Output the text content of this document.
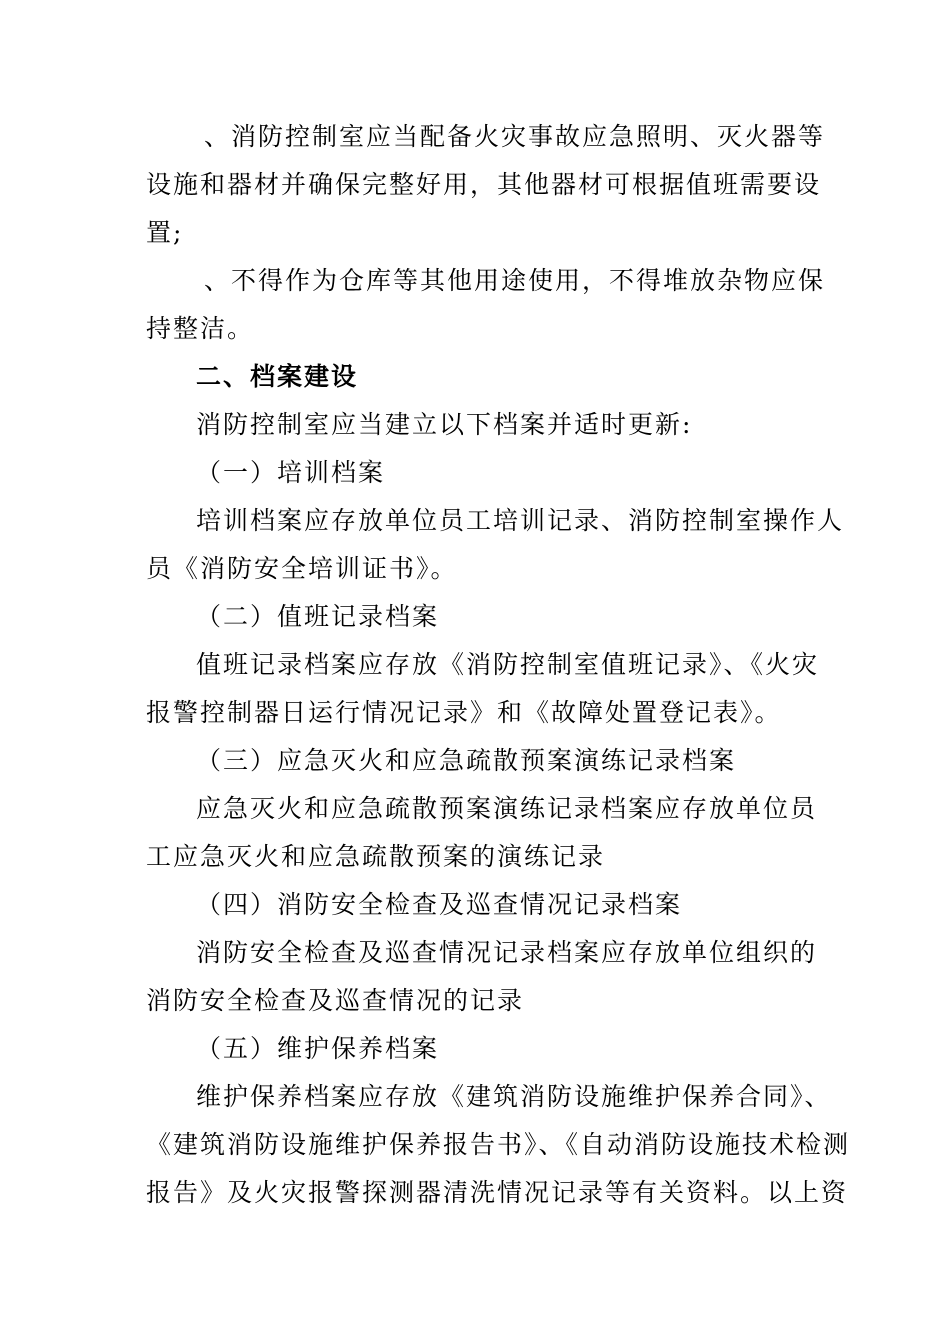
、消防控制室应当配备火灾事故应急照明、灭火器等
设施和器材并确保完整好用，其他器材可根据值班需要设
置;
、不得作为仓库等其他用途使用，不得堆放杂物应保
持整洁。
二、档案建设
消防控制室应当建立以下档案并适时更新:
（一）培训档案
培训档案应存放单位员工培训记录、消防控制室操作人
员《消防安全培训证书》。
（二）值班记录档案
值班记录档案应存放《消防控制室值班记录》、《火灾
报警控制器日运行情况记录》和《故障处置登记表》。
（三）应急灭火和应急疏散预案演练记录档案
应急灭火和应急疏散预案演练记录档案应存放单位员
工应急灭火和应急疏散预案的演练记录
（四）消防安全检查及巡查情况记录档案
消防安全检查及巡查情况记录档案应存放单位组织的
消防安全检查及巡查情况的记录
（五）维护保养档案
维护保养档案应存放《建筑消防设施维护保养合同》、
《建筑消防设施维护保养报告书》、《自动消防设施技术检测
报告》及火灾报警探测器清洗情况记录等有关资料。以上资
